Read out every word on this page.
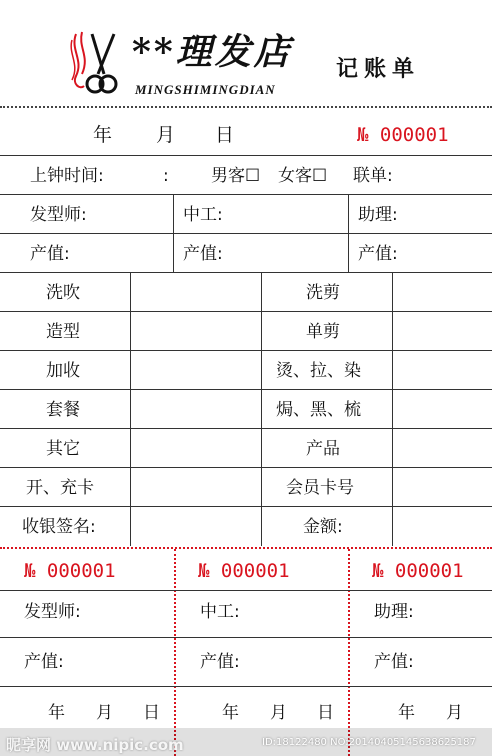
**理发店
MINGSHIMINGDIAN
记账单
年 月 日	№ 000001
上钟时间:	: 男客☐ 女客☐ 联单:
发型师:	中工:	助理:
产值:	产值:	产值:
洗吹	洗剪
造型	单剪
加收	烫、拉、染
套餐	焗、黑、梳
其它	产品
开、充卡	会员卡号
收银签名:	金额:
№ 000001	№ 000001	№ 000001
发型师:	中工:	助理:
产值:	产值:	产值:
年 月 日	年 月 日	年 月
昵享网 www.nipic.com	ID:18122480 NO:20140405145638625187
